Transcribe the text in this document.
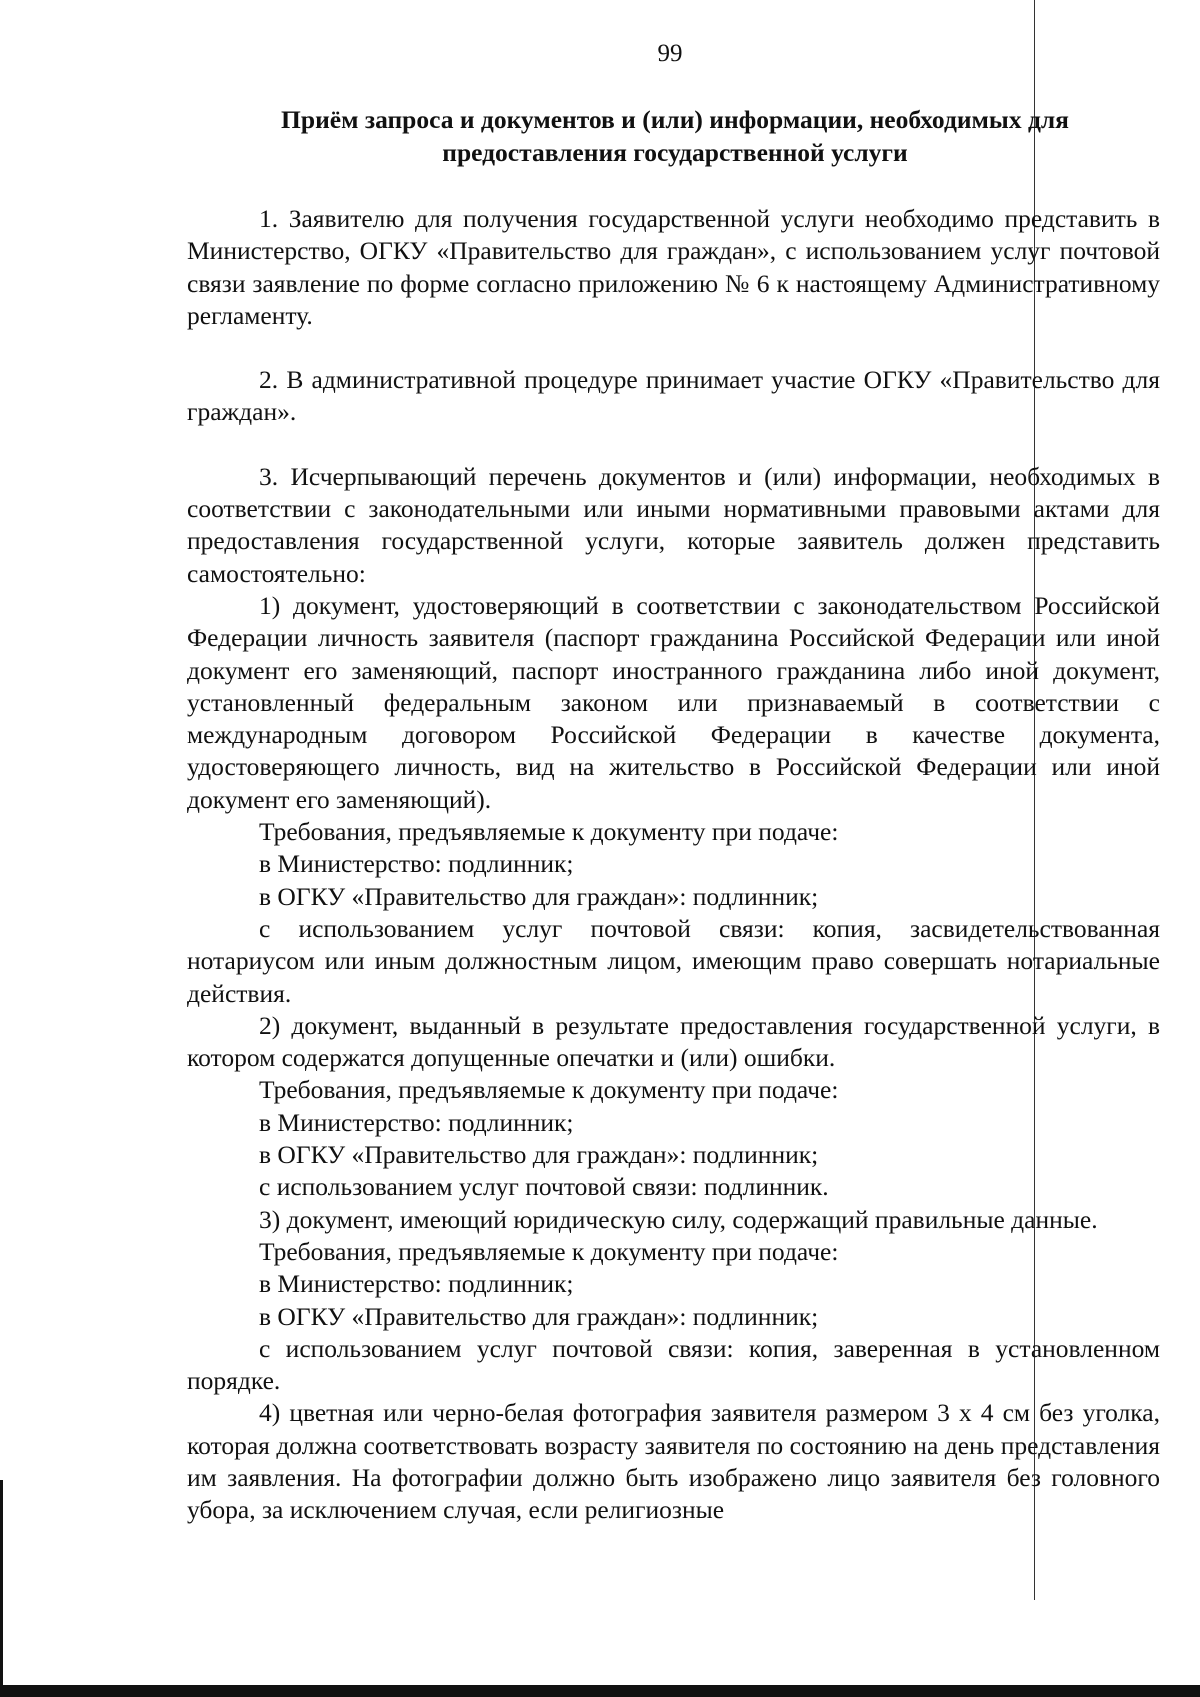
99
Приём запроса и документов и (или) информации, необходимых для предоставления государственной услуги

1. Заявителю для получения государственной услуги необходимо представить в Министерство, ОГКУ «Правительство для граждан», с использованием услуг почтовой связи заявление по форме согласно приложению № 6 к настоящему Административному регламенту.

2. В административной процедуре принимает участие ОГКУ «Правительство для граждан».

3. Исчерпывающий перечень документов и (или) информации, необходимых в соответствии с законодательными или иными нормативными правовыми актами для предоставления государственной услуги, которые заявитель должен представить самостоятельно:

1) документ, удостоверяющий в соответствии с законодательством Российской Федерации личность заявителя (паспорт гражданина Российской Федерации или иной документ его заменяющий, паспорт иностранного гражданина либо иной документ, установленный федеральным законом или признаваемый в соответствии с международным договором Российской Федерации в качестве документа, удостоверяющего личность, вид на жительство в Российской Федерации или иной документ его заменяющий).

Требования, предъявляемые к документу при подаче:

в Министерство: подлинник;

в ОГКУ «Правительство для граждан»: подлинник;

с использованием услуг почтовой связи: копия, засвидетельствованная нотариусом или иным должностным лицом, имеющим право совершать нотариальные действия.

2) документ, выданный в результате предоставления государственной услуги, в котором содержатся допущенные опечатки и (или) ошибки.

Требования, предъявляемые к документу при подаче:

в Министерство: подлинник;

в ОГКУ «Правительство для граждан»: подлинник;

с использованием услуг почтовой связи: подлинник.

3) документ, имеющий юридическую силу, содержащий правильные данные.

Требования, предъявляемые к документу при подаче:

в Министерство: подлинник;

в ОГКУ «Правительство для граждан»: подлинник;

с использованием услуг почтовой связи: копия, заверенная в установленном порядке.

4) цветная или черно-белая фотография заявителя размером 3 х 4 см без уголка, которая должна соответствовать возрасту заявителя по состоянию на день представления им заявления. На фотографии должно быть изображено лицо заявителя без головного убора, за исключением случая, если религиозные
